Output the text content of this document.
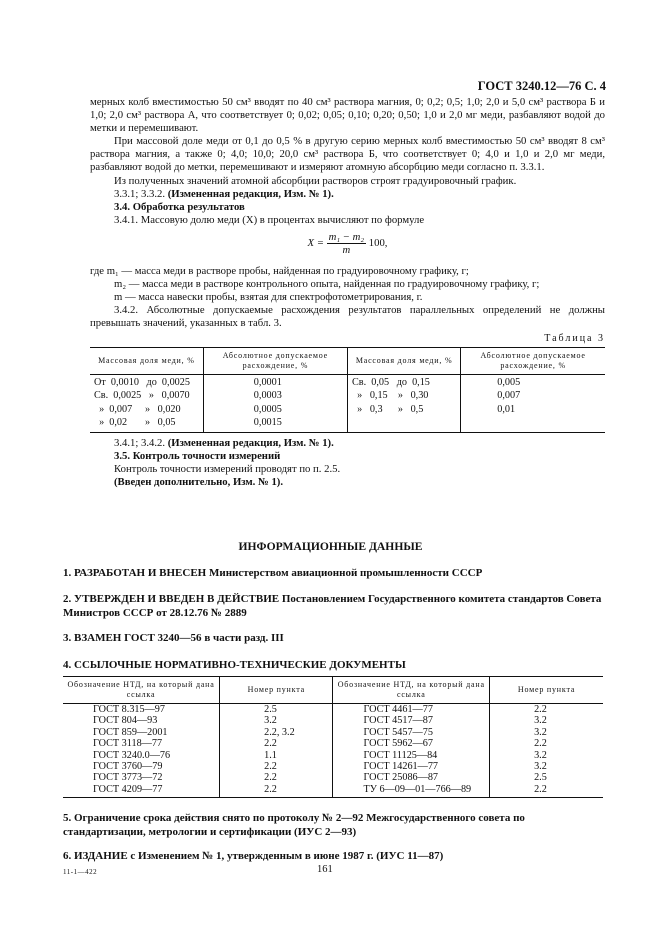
ГОСТ 3240.12—76 С. 4

мерных колб вместимостью 50 см³ вводят по 40 см³ раствора магния, 0; 0,2; 0,5; 1,0; 2,0 и 5,0 см³ раствора Б и 1,0; 2,0 см³ раствора А, что соответствует 0; 0,02; 0,05; 0,10; 0,20; 0,50; 1,0 и 2,0 мг меди, разбавляют водой до метки и перемешивают.

При массовой доле меди от 0,1 до 0,5 % в другую серию мерных колб вместимостью 50 см³ вводят 8 см³ раствора магния, а также 0; 4,0; 10,0; 20,0 см³ раствора Б, что соответствует 0; 4,0 и 1,0 и 2,0 мг меди, разбавляют водой до метки, перемешивают и измеряют атомную абсорбцию меди согласно п. 3.3.1.

Из полученных значений атомной абсорбции растворов строят градуировочный график.

3.3.1; 3.3.2. (Измененная редакция, Изм. № 1).

3.4. Обработка результатов

3.4.1. Массовую долю меди (X) в процентах вычисляют по формуле

$X = \frac{\text{m₁ − m₂}}{m} 100$,

где m₁ — масса меди в растворе пробы, найденная по градуировочному графику, г;

m₂ — масса меди в растворе контрольного опыта, найденная по градуировочному графику, г;

m — масса навески пробы, взятая для спектрофотометрирования, г.

3.4.2. Абсолютные допускаемые расхождения результатов параллельных определений не должны превышать значений, указанных в табл. 3.

Таблица 3
Массовая доля меди, %	Абсолютное допускаемое расхождение, %	Массовая доля меди, %	Абсолютное допускаемое расхождение, %
От  0,0010   до  0,0025	0,0001	Св.  0,05   до  0,15	0,005
Св.  0,0025   »   0,0070	0,0003	»   0,15    »   0,30	0,007
»  0,007     »   0,020	0,0005	»   0,3      »   0,5	0,01
»  0,02       »   0,05	0,0015		

3.4.1; 3.4.2. (Измененная редакция, Изм. № 1).

3.5. Контроль точности измерений

Контроль точности измерений проводят по п. 2.5.

(Введен дополнительно, Изм. № 1).

ИНФОРМАЦИОННЫЕ ДАННЫЕ
1. РАЗРАБОТАН И ВНЕСЕН Министерством авиационной промышленности СССР
2. УТВЕРЖДЕН И ВВЕДЕН В ДЕЙСТВИЕ Постановлением Государственного комитета стандартов Совета Министров СССР от 28.12.76 № 2889
3. ВЗАМЕН ГОСТ 3240—56 в части разд. III
4. ССЫЛОЧНЫЕ НОРМАТИВНО-ТЕХНИЧЕСКИЕ ДОКУМЕНТЫ
Обозначение НТД, на который дана ссылка	Номер пункта	Обозначение НТД, на который дана ссылка	Номер пункта
ГОСТ 8.315—97	2.5	ГОСТ 4461—77	2.2
ГОСТ 804—93	3.2	ГОСТ 4517—87	3.2
ГОСТ 859—2001	2.2, 3.2	ГОСТ 5457—75	3.2
ГОСТ 3118—77	2.2	ГОСТ 5962—67	2.2
ГОСТ 3240.0—76	1.1	ГОСТ 11125—84	3.2
ГОСТ 3760—79	2.2	ГОСТ 14261—77	3.2
ГОСТ 3773—72	2.2	ГОСТ 25086—87	2.5
ГОСТ 4209—77	2.2	ТУ 6—09—01—766—89	2.2
5. Ограничение срока действия снято по протоколу № 2—92 Межгосударственного совета по стандартизации, метрологии и сертификации (ИУС 2—93)
6. ИЗДАНИЕ с Изменением № 1, утвержденным в июне 1987 г. (ИУС 11—87)
11-1—422	161
